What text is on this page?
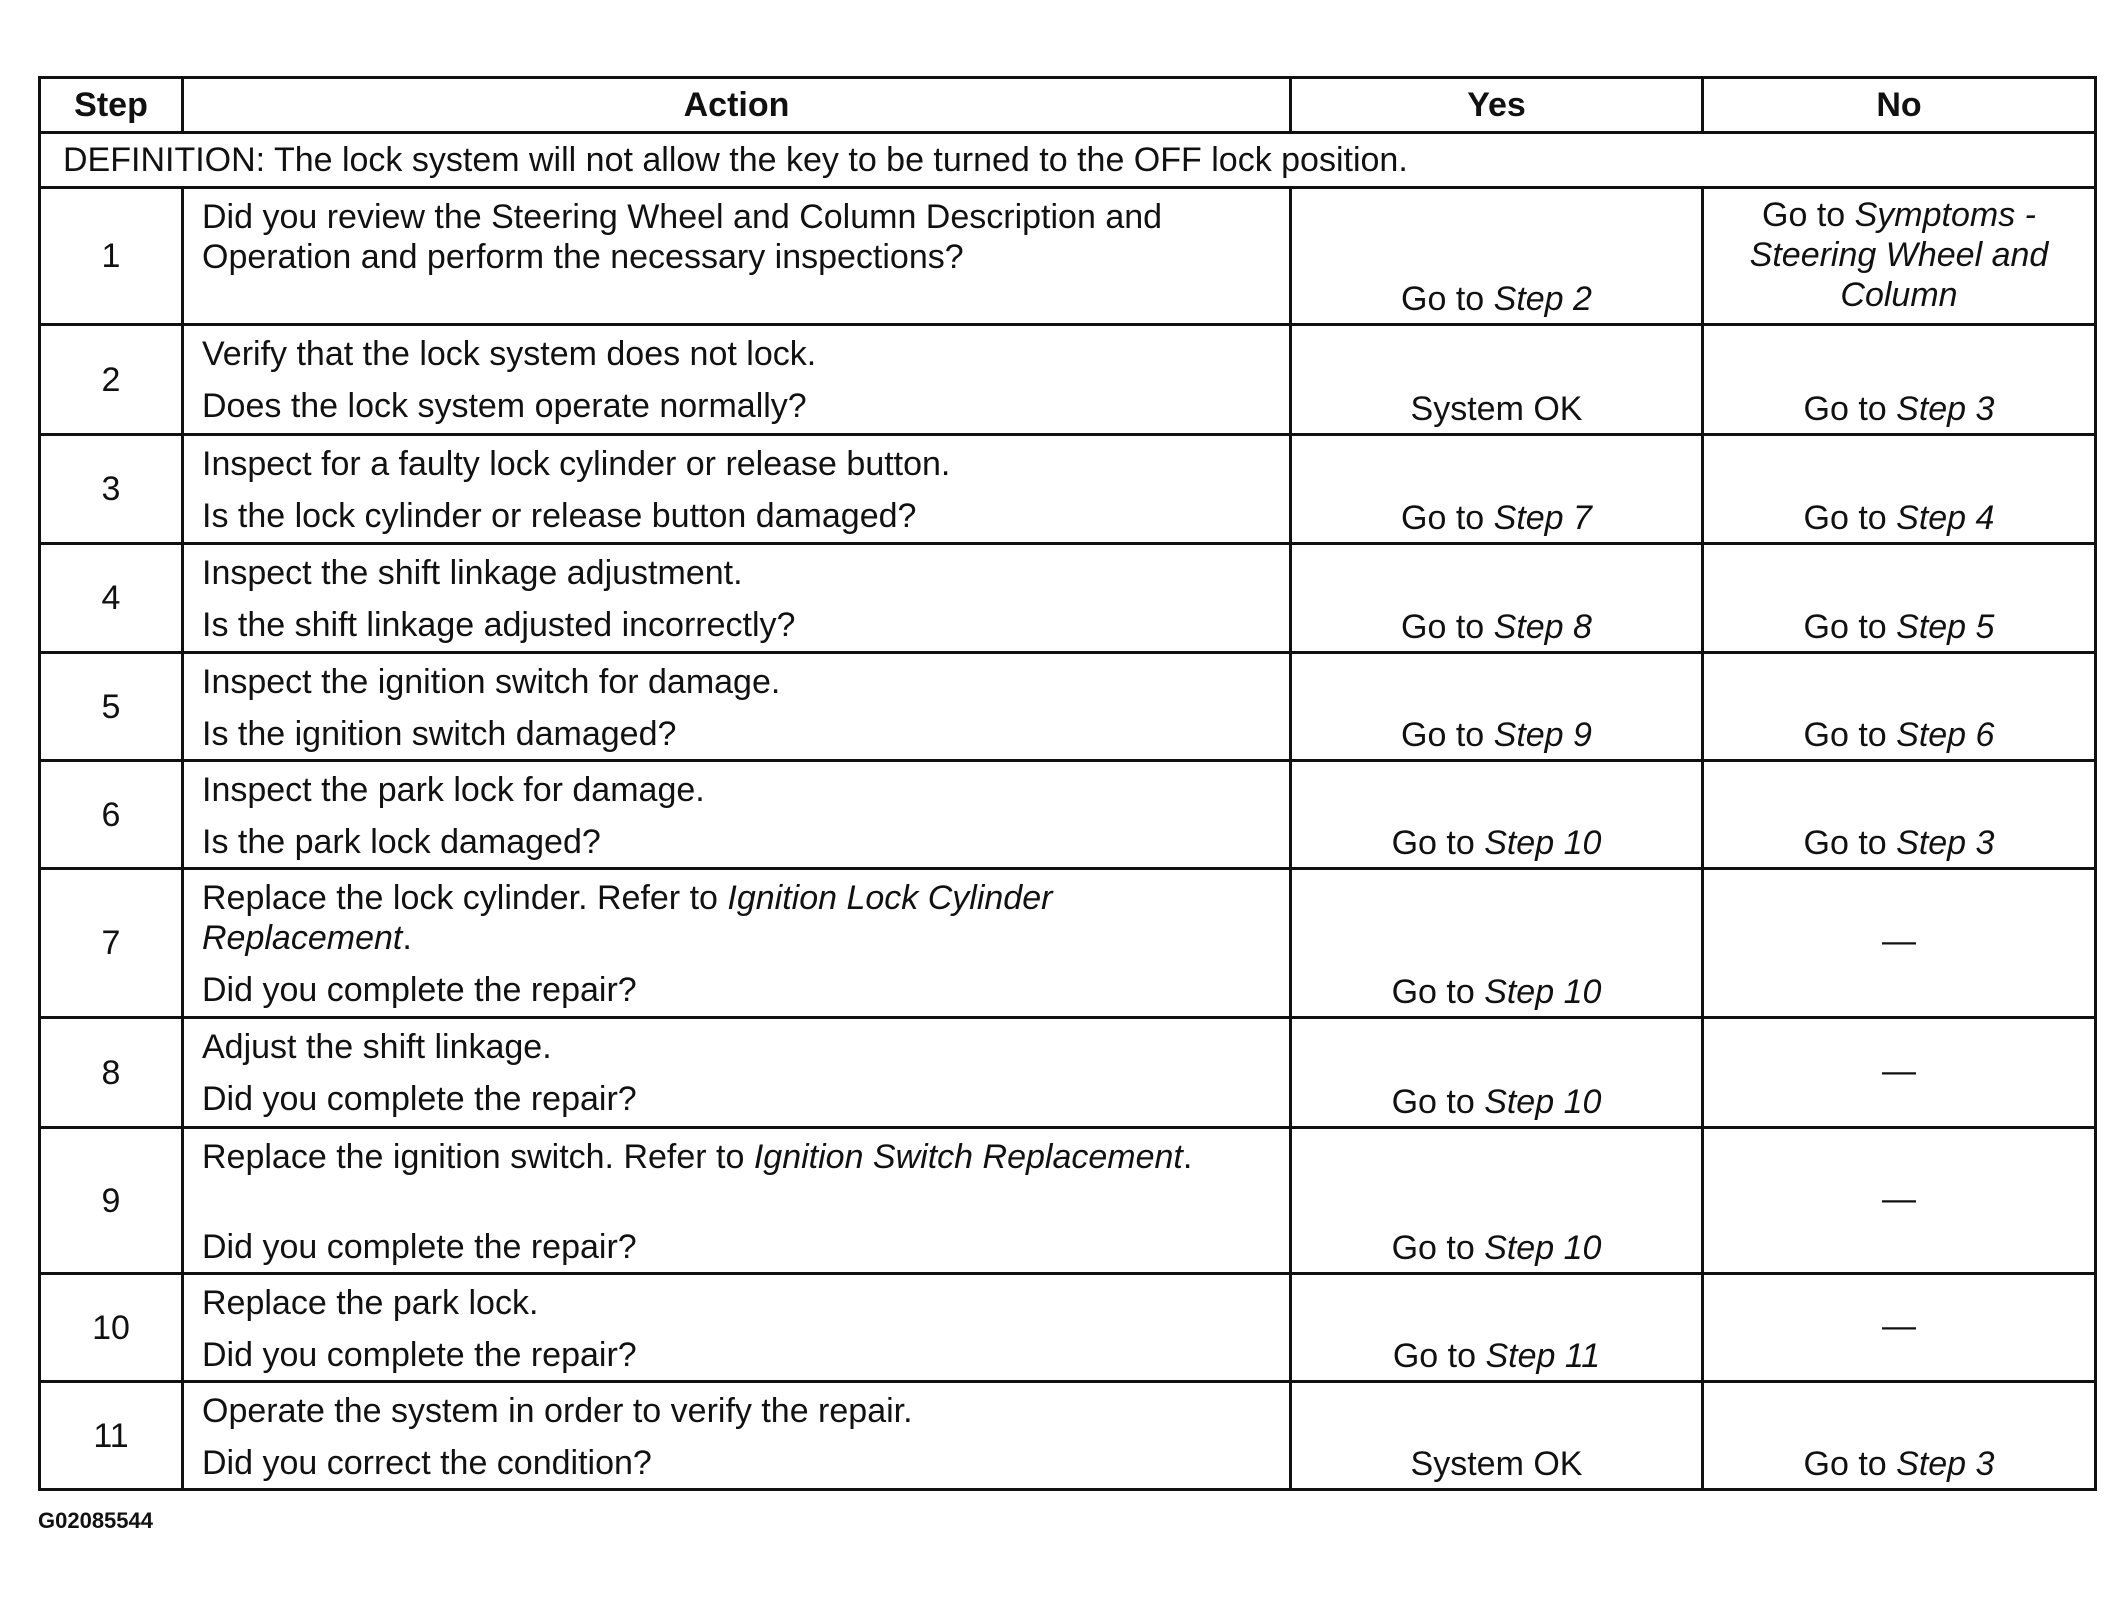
Step	Action	Yes	No
DEFINITION: The lock system will not allow the key to be turned to the OFF lock position.			
1	Did you review the Steering Wheel and Column Description and Operation and perform the necessary inspections?	Go to Step 2	Go to Symptoms -
Steering Wheel and
Column

2	Verify that the lock system does not lock.
Does the lock system operate normally?	System OK	Go to Step 3
3	Inspect for a faulty lock cylinder or release button.
Is the lock cylinder or release button damaged?	Go to Step 7	Go to Step 4
4	Inspect the shift linkage adjustment.
Is the shift linkage adjusted incorrectly?	Go to Step 8	Go to Step 5
5	Inspect the ignition switch for damage.
Is the ignition switch damaged?	Go to Step 9	Go to Step 6
6	Inspect the park lock for damage.
Is the park lock damaged?	Go to Step 10	Go to Step 3
7	Replace the lock cylinder. Refer to Ignition Lock Cylinder Replacement.
Did you complete the repair?	Go to Step 10	—
8	Adjust the shift linkage.
Did you complete the repair?	Go to Step 10	—
9	Replace the ignition switch. Refer to Ignition Switch Replacement.
Did you complete the repair?	Go to Step 10	—
10	Replace the park lock.
Did you complete the repair?	Go to Step 11	—
11	Operate the system in order to verify the repair.
Did you correct the condition?	System OK	Go to Step 3
G02085544
